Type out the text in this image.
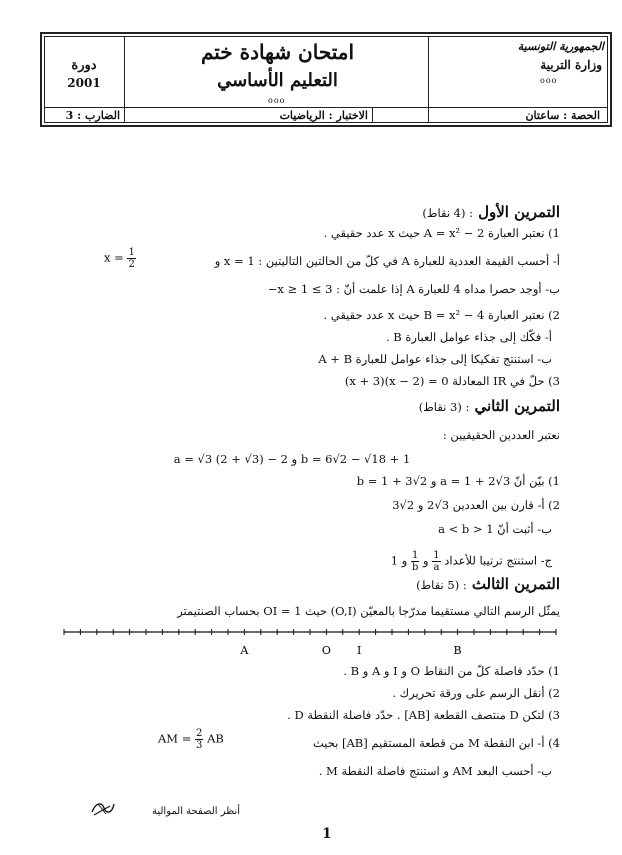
الجمهورية التونسية
وزارة التربية
ooo
امتحان شهادة ختم
التعليم الأساسي
ooo
دورة
2001
الحصة : ساعتان
الاختبار : الرياضيات
الضارب : 3
التمرين الأول : (4 نقاط)
1) نعتبر العبارة A = x² − 2 حيث x عدد حقيقي .
أ- أحسب القيمة العددية للعبارة A في كلّ من الحالتين التاليتين : x = 1 و
$x = \frac{1}{2}$
ب- أوجد حصرا مداه 4 للعبارة A إذا علمت أنّ : 3 ≥ x ≥ 1−
2) نعتبر العبارة B = x² − 4 حيث x عدد حقيقي .
أ- فكّك إلى جذاء عوامل العبارة B .
ب- استنتج تفكيكا إلى جذاء عوامل للعبارة A + B
3) حلّ في IR المعادلة 0 = (x − 2)(x + 3)
التمرين الثاني : (3 نقاط)
نعتبر العددين الحقيقيين :
a = √3 (2 + √3) − 2 و b = 6√2 − √18 + 1
1) بيّن أنّ a = 1 + 2√3 و b = 1 + 3√2
2) أ- قارن بين العددين 3√2 و 2√3
ب- أثبت أنّ 1 < a < b
ج- استنتج ترتيبا للأعداد
$\frac{1}{a}$
و
$\frac{1}{b}$
و 1
التمرين الثالث : (5 نقاط)
يمثّل الرسم التالي مستقيما مدرّجا بالمعيّن (O,I) حيث OI = 1 بحساب الصنتيمتر
A	O I	B
1) حدّد فاصلة كلّ من النقاط O و I و A و B .
2) أنقل الرسم على ورقة تحريرك .
3) لتكن D منتصف القطعة [AB] . حدّد فاصلة النقطة D .
4) أ- ابن النقطة M من قطعة المستقيم [AB] بحيث
AM = $\frac{2}{3}$ AB
ب- أحسب البعد AM و استنتج فاصلة النقطة M .
أنظر الصفحة الموالية
1
